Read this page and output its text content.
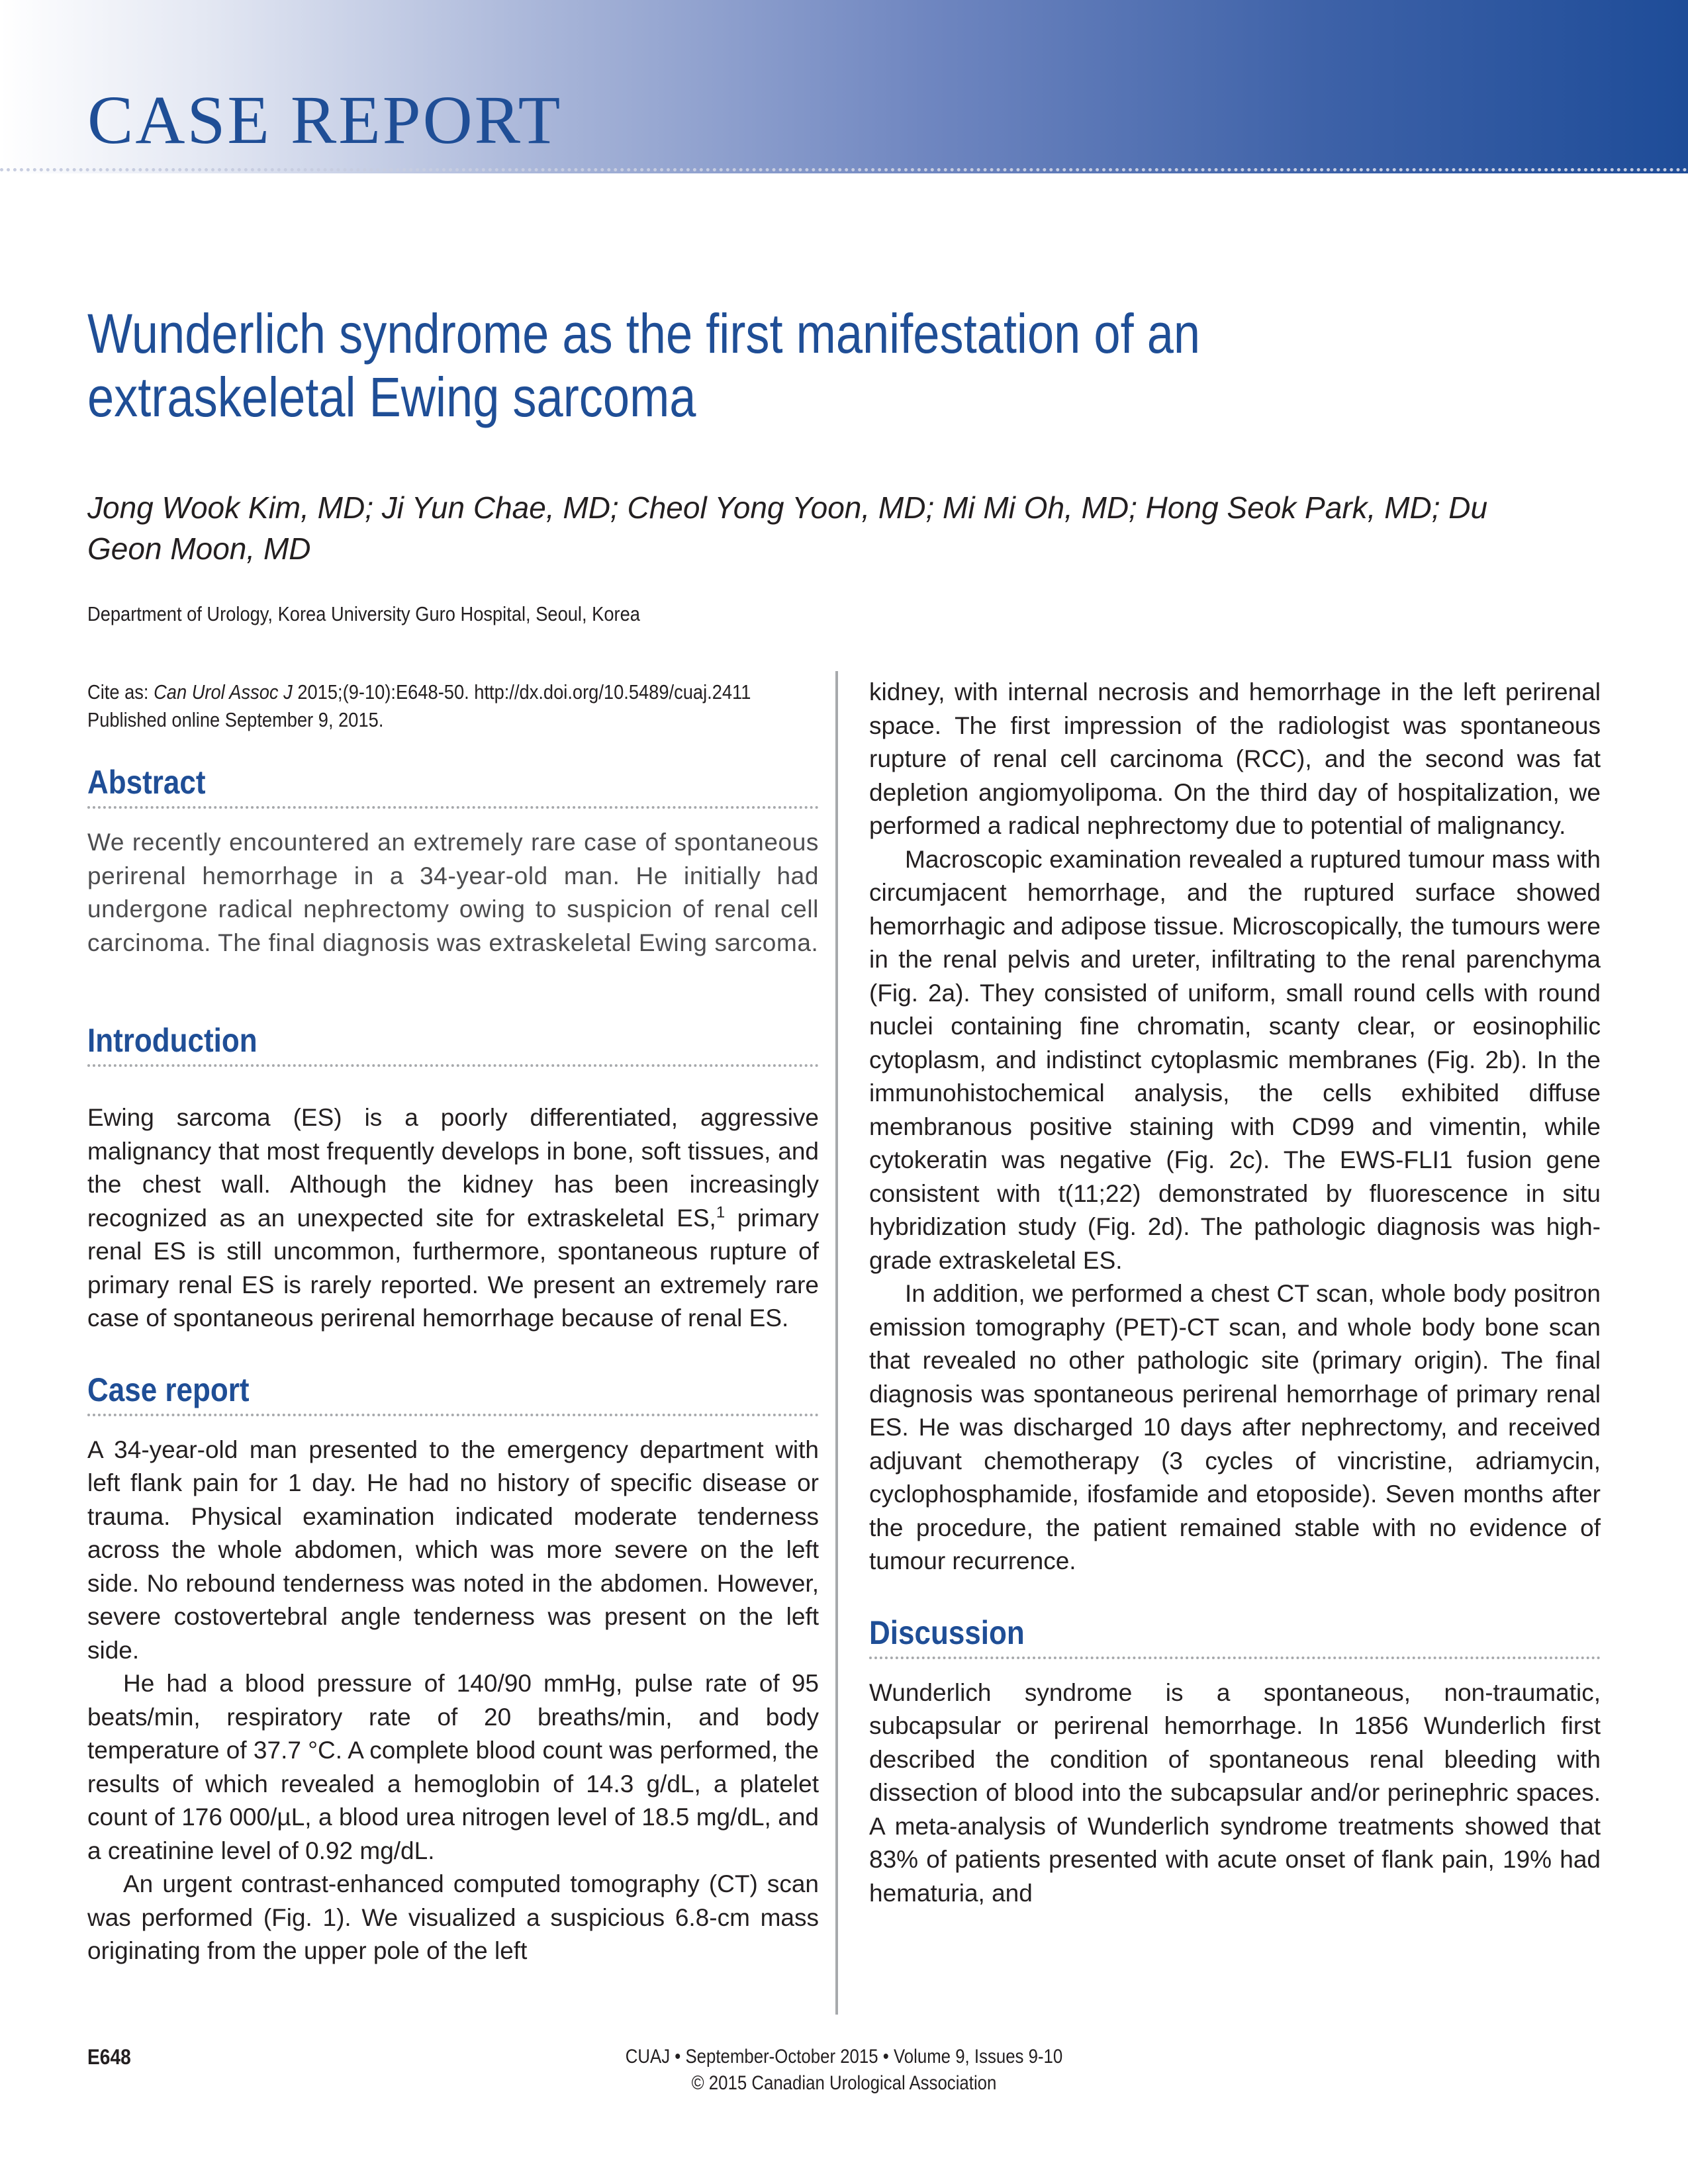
CASE REPORT
Wunderlich syndrome as the first manifestation of an extraskeletal Ewing sarcoma

Jong Wook Kim, MD; Ji Yun Chae, MD; Cheol Yong Yoon, MD; Mi Mi Oh, MD; Hong Seok Park, MD; Du Geon Moon, MD

Department of Urology, Korea University Guro Hospital, Seoul, Korea

Cite as: Can Urol Assoc J 2015;(9-10):E648-50. http://dx.doi.org/10.5489/cuaj.2411

Published online September 9, 2015.

Abstract

We recently encountered an extremely rare case of spontaneous perirenal hemorrhage in a 34-year-old man. He initially had undergone radical nephrectomy owing to suspicion of renal cell carcinoma. The final diagnosis was extraskeletal Ewing sarcoma.

Introduction

Ewing sarcoma (ES) is a poorly differentiated, aggressive malignancy that most frequently develops in bone, soft tissues, and the chest wall. Although the kidney has been increasingly recognized as an unexpected site for extraskeletal ES,$^1$ primary renal ES is still uncommon, furthermore, spontaneous rupture of primary renal ES is rarely reported. We present an extremely rare case of spontaneous perirenal hemorrhage because of renal ES.

Case report

A 34-year-old man presented to the emergency department with left flank pain for 1 day. He had no history of specific disease or trauma. Physical examination indicated moderate tenderness across the whole abdomen, which was more severe on the left side. No rebound tenderness was noted in the abdomen. However, severe costovertebral angle tenderness was present on the left side.

He had a blood pressure of 140/90 mmHg, pulse rate of 95 beats/min, respiratory rate of 20 breaths/min, and body temperature of 37.7 °C. A complete blood count was performed, the results of which revealed a hemoglobin of 14.3 g/dL, a platelet count of 176 000/µL, a blood urea nitrogen level of 18.5 mg/dL, and a creatinine level of 0.92 mg/dL.

An urgent contrast-enhanced computed tomography (CT) scan was performed (Fig. 1). We visualized a suspicious 6.8-cm mass originating from the upper pole of the left

kidney, with internal necrosis and hemorrhage in the left perirenal space. The first impression of the radiologist was spontaneous rupture of renal cell carcinoma (RCC), and the second was fat depletion angiomyolipoma. On the third day of hospitalization, we performed a radical nephrectomy due to potential of malignancy.

Macroscopic examination revealed a ruptured tumour mass with circumjacent hemorrhage, and the ruptured surface showed hemorrhagic and adipose tissue. Microscopically, the tumours were in the renal pelvis and ureter, infiltrating to the renal parenchyma (Fig. 2a). They consisted of uniform, small round cells with round nuclei containing fine chromatin, scanty clear, or eosinophilic cytoplasm, and indistinct cytoplasmic membranes (Fig. 2b). In the immunohistochemical analysis, the cells exhibited diffuse membranous positive staining with CD99 and vimentin, while cytokeratin was negative (Fig. 2c). The EWS-FLI1 fusion gene consistent with t(11;22) demonstrated by fluorescence in situ hybridization study (Fig. 2d). The pathologic diagnosis was high-grade extraskeletal ES.

In addition, we performed a chest CT scan, whole body positron emission tomography (PET)-CT scan, and whole body bone scan that revealed no other pathologic site (primary origin). The final diagnosis was spontaneous perirenal hemorrhage of primary renal ES. He was discharged 10 days after nephrectomy, and received adjuvant chemotherapy (3 cycles of vincristine, adriamycin, cyclophosphamide, ifosfamide and etoposide). Seven months after the procedure, the patient remained stable with no evidence of tumour recurrence.

Discussion

Wunderlich syndrome is a spontaneous, non-traumatic, subcapsular or perirenal hemorrhage. In 1856 Wunderlich first described the condition of spontaneous renal bleeding with dissection of blood into the subcapsular and/or perinephric spaces. A meta-analysis of Wunderlich syndrome treatments showed that 83% of patients presented with acute onset of flank pain, 19% had hematuria, and

E648	CUAJ • September-October 2015 • Volume 9, Issues 9-10
© 2015 Canadian Urological Association
